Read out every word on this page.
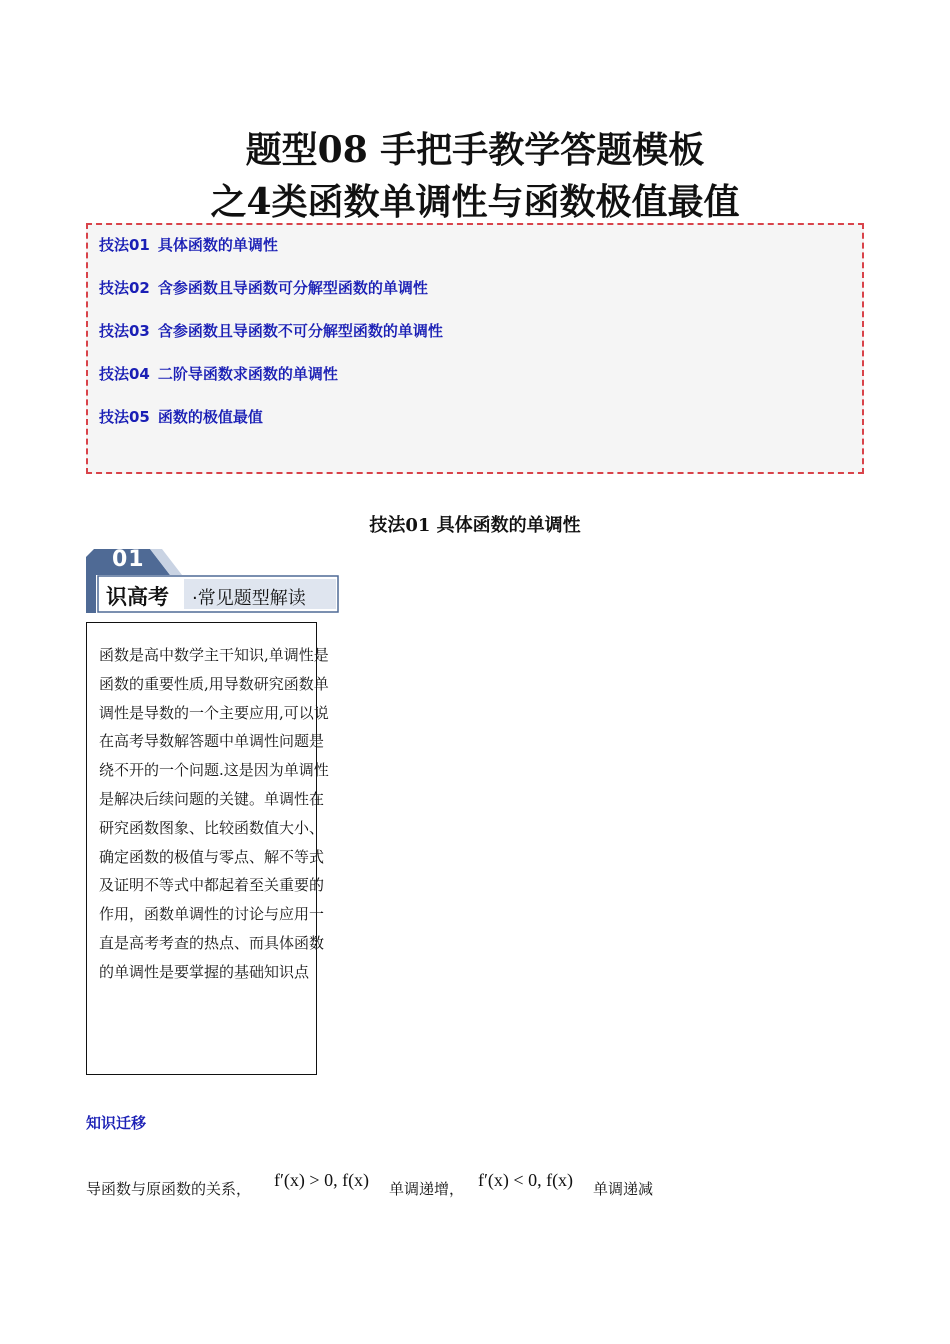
题型08 手把手教学答题模板
之4类函数单调性与函数极值最值
技法01 具体函数的单调性
技法02 含参函数且导函数可分解型函数的单调性
技法03 含参函数且导函数不可分解型函数的单调性
技法04 二阶导函数求函数的单调性
技法05 函数的极值最值
技法01 具体函数的单调性
01
识高考 ·常见题型解读
函数是高中数学主干知识,单调性是函数的重要性质,用导数研究函数单调性是导数的一个主要应用,可以说在高考导数解答题中单调性问题是绕不开的一个问题.这是因为单调性是解决后续问题的关键。单调性在研究函数图象、比较函数值大小、确定函数的极值与零点、解不等式及证明不等式中都起着至关重要的作用，函数单调性的讨论与应用一直是高考考查的热点、而具体函数的单调性是要掌握的基础知识点
知识迁移
导函数与原函数的关系， f′(x) > 0, f(x) 单调递增， f′(x) < 0, f(x) 单调递减
